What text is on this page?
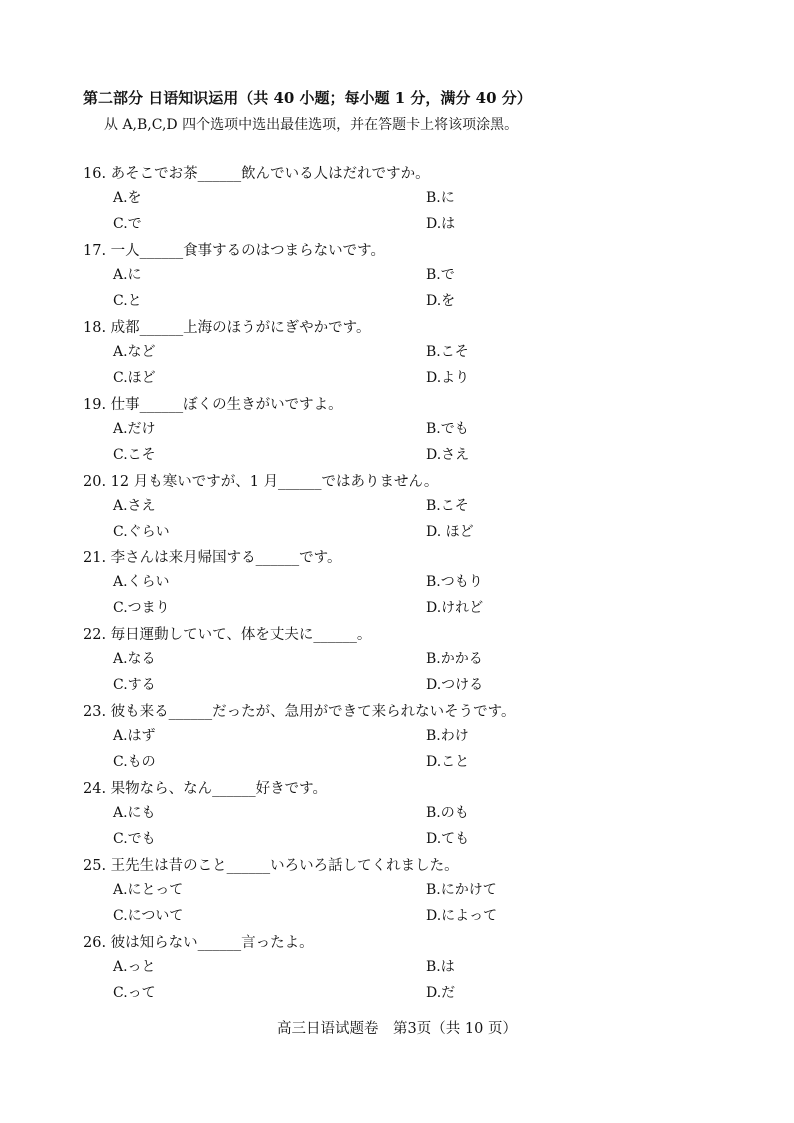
第二部分 日语知识运用（共 40 小题；每小题 1 分，满分 40 分）
从 A,B,C,D 四个选项中选出最佳选项，并在答题卡上将该项涂黑。
16. あそこでお茶______飲んでいる人はだれですか。
A.を	B.に
C.で	D.は
17. 一人______食事するのはつまらないです。
A.に	B.で
C.と	D.を
18. 成都______上海のほうがにぎやかです。
A.など	B.こそ
C.ほど	D.より
19. 仕事______ぼくの生きがいですよ。
A.だけ	B.でも
C.こそ	D.さえ
20. 12 月も寒いですが、1 月______ではありません。
A.さえ	B.こそ
C.ぐらい	D. ほど
21. 李さんは来月帰国する______です。
A.くらい	B.つもり
C.つまり	D.けれど
22. 毎日運動していて、体を丈夫に______。
A.なる	B.かかる
C.する	D.つける
23. 彼も来る______だったが、急用ができて来られないそうです。
A.はず	B.わけ
C.もの	D.こと
24. 果物なら、なん______好きです。
A.にも	B.のも
C.でも	D.ても
25. 王先生は昔のこと______いろいろ話してくれました。
A.にとって	B.にかけて
C.について	D.によって
26. 彼は知らない______言ったよ。
A.っと	B.は
C.って	D.だ
高三日语试题卷　第3页（共 10 页）
